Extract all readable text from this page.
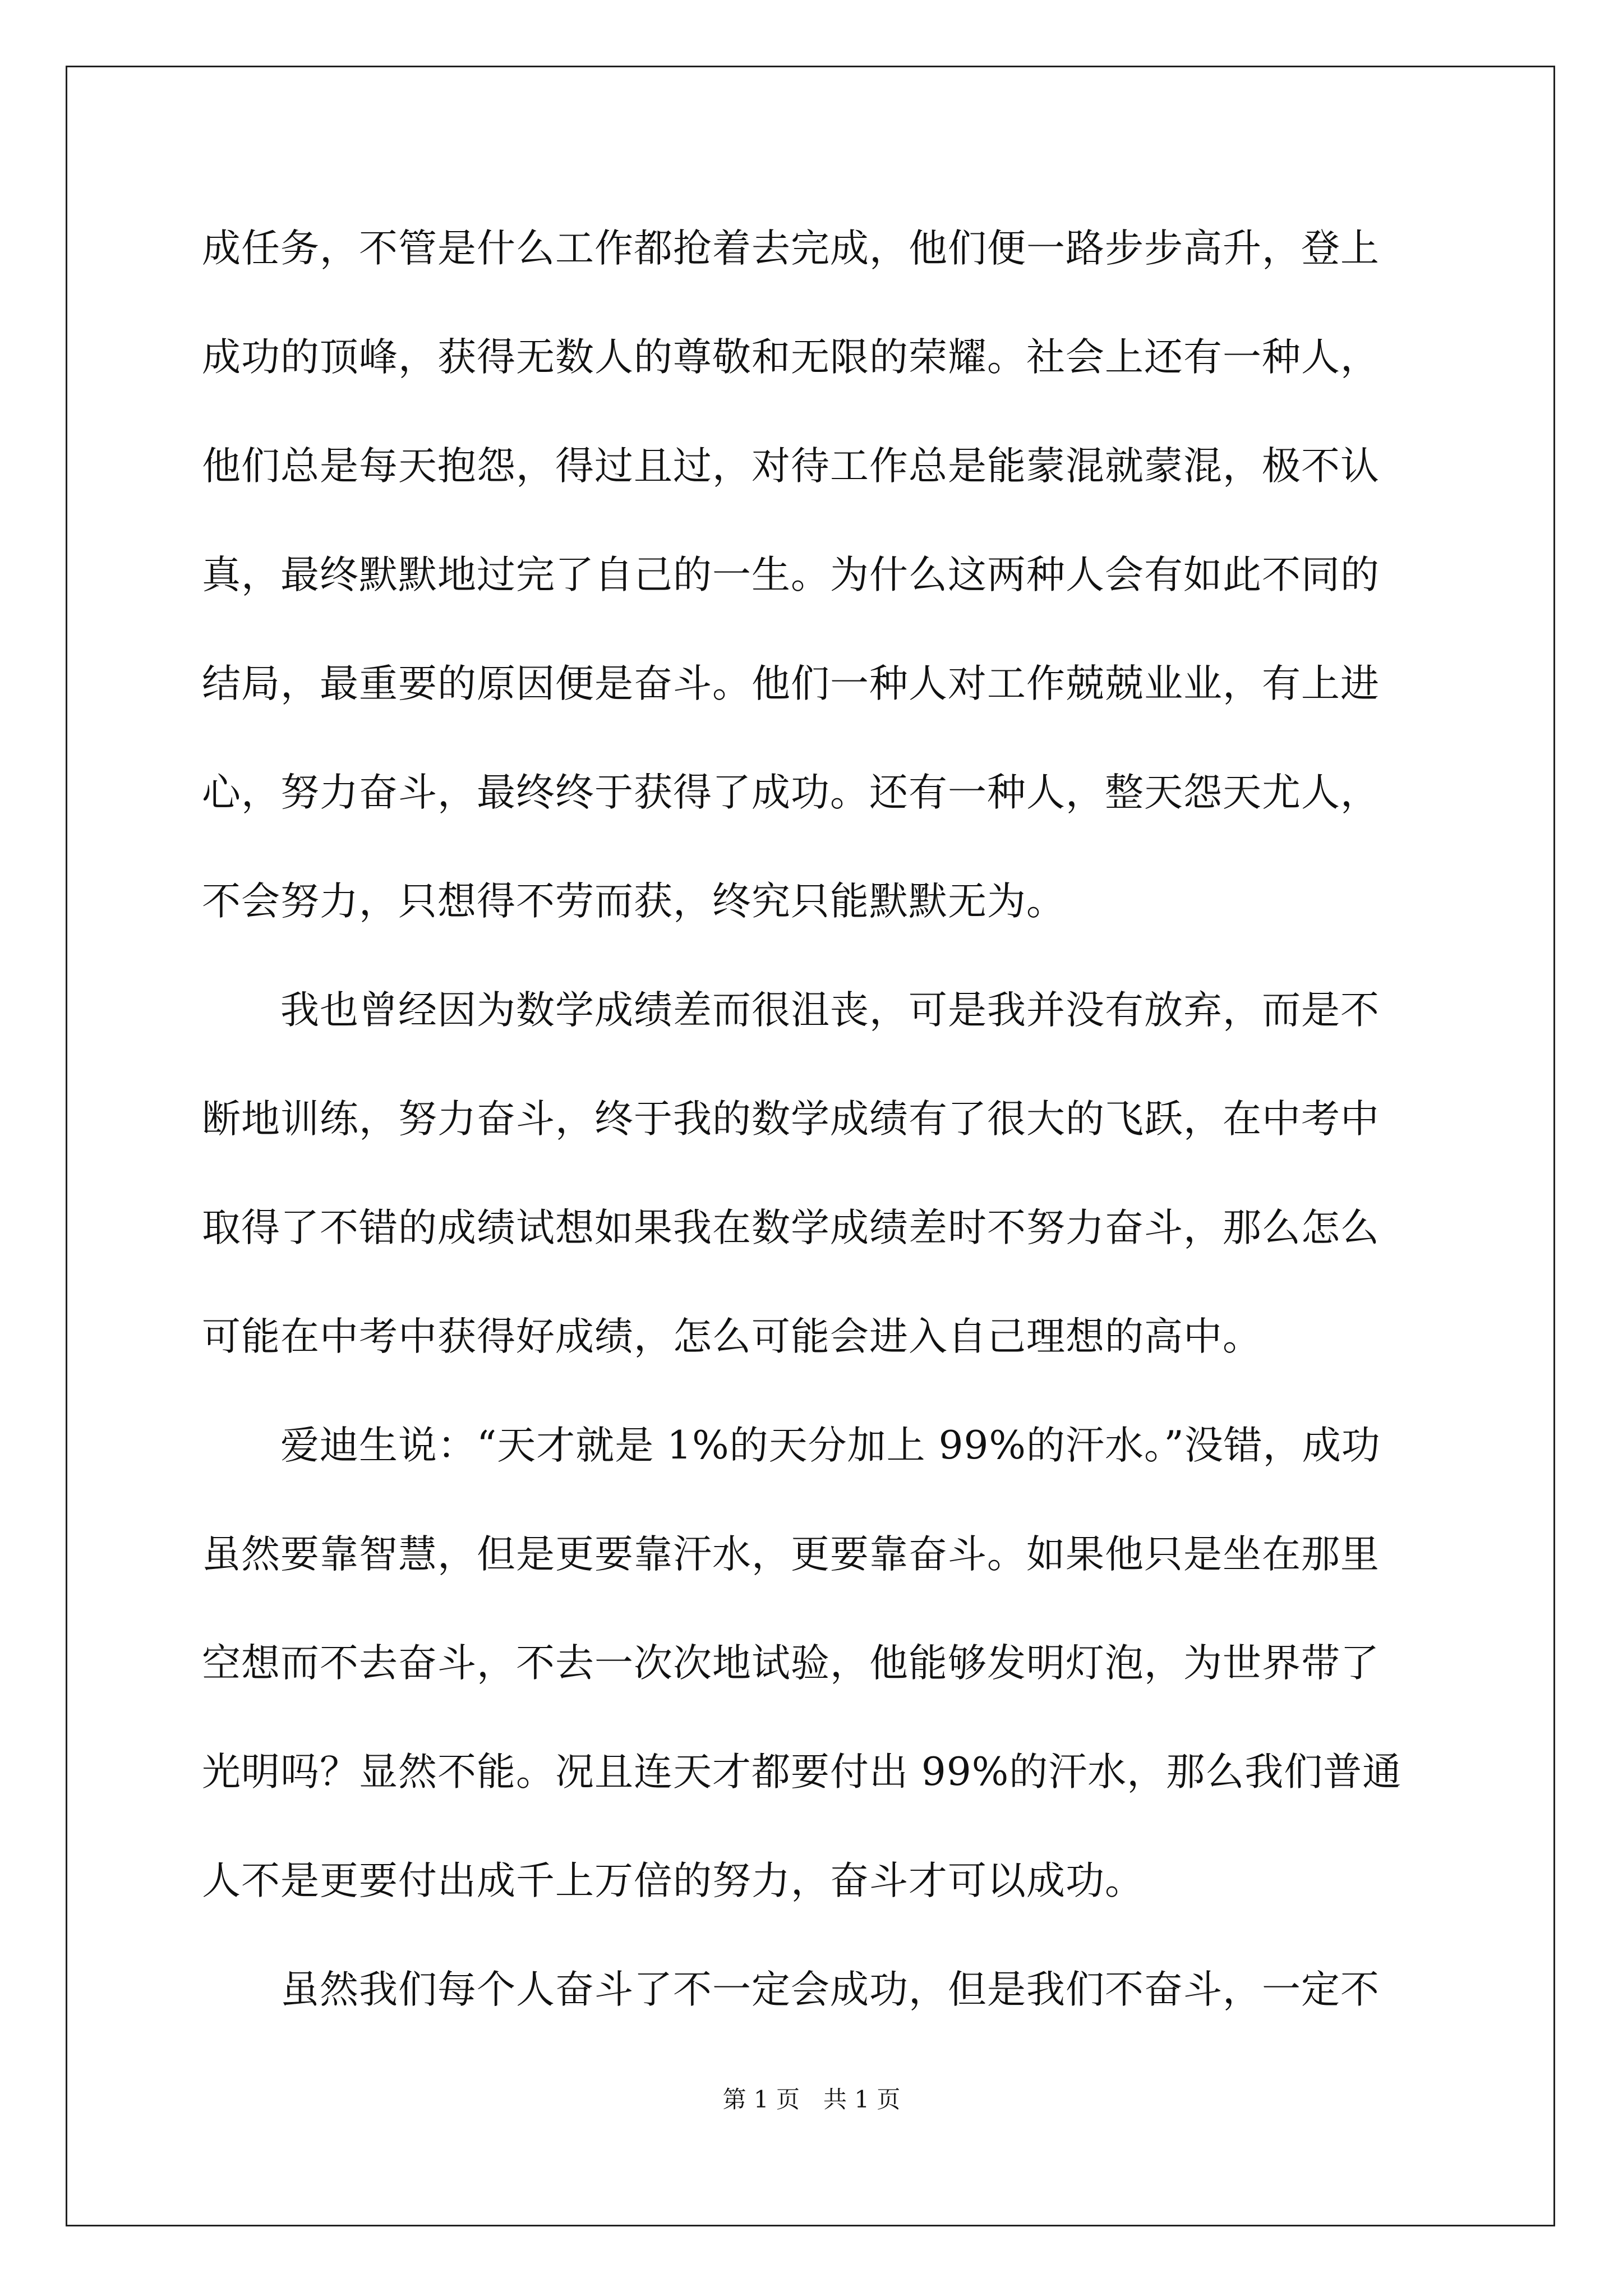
成任务，不管是什么工作都抢着去完成，他们便一路步步高升，登上
成功的顶峰，获得无数人的尊敬和无限的荣耀。社会上还有一种人，
他们总是每天抱怨，得过且过，对待工作总是能蒙混就蒙混，极不认
真，最终默默地过完了自己的一生。为什么这两种人会有如此不同的
结局，最重要的原因便是奋斗。他们一种人对工作兢兢业业，有上进
心，努力奋斗，最终终于获得了成功。还有一种人，整天怨天尤人，
不会努力，只想得不劳而获，终究只能默默无为。
　　我也曾经因为数学成绩差而很沮丧，可是我并没有放弃，而是不
断地训练，努力奋斗，终于我的数学成绩有了很大的飞跃，在中考中
取得了不错的成绩试想如果我在数学成绩差时不努力奋斗，那么怎么
可能在中考中获得好成绩，怎么可能会进入自己理想的高中。
　　爱迪生说：“天才就是 1%的天分加上 99%的汗水。”没错，成功
虽然要靠智慧，但是更要靠汗水，更要靠奋斗。如果他只是坐在那里
空想而不去奋斗，不去一次次地试验，他能够发明灯泡，为世界带了
光明吗？显然不能。况且连天才都要付出 99%的汗水，那么我们普通
人不是更要付出成千上万倍的努力，奋斗才可以成功。
　　虽然我们每个人奋斗了不一定会成功，但是我们不奋斗，一定不
第 1 页　共 1 页
